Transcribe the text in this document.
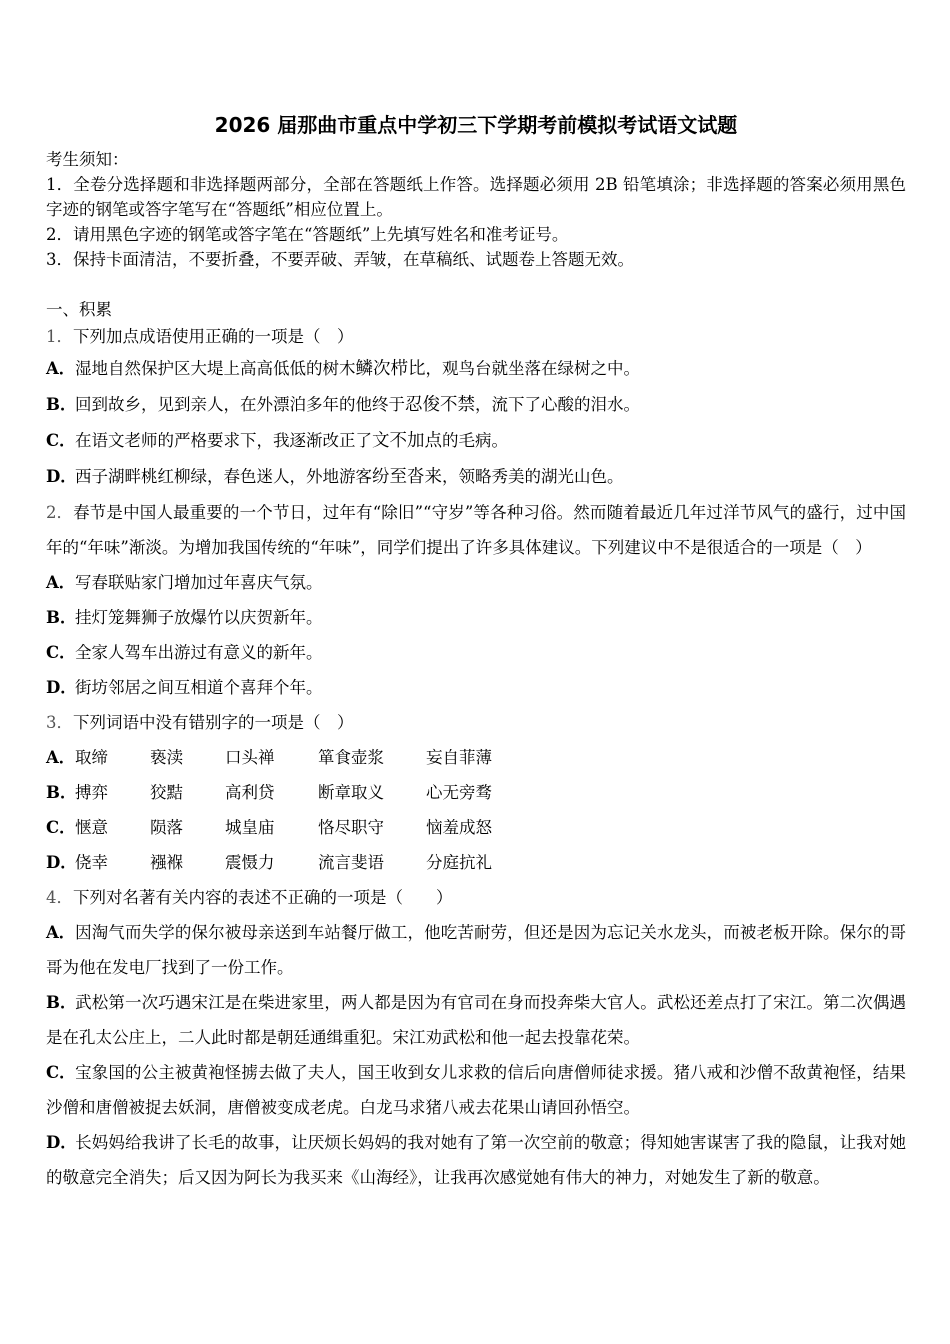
2026 届那曲市重点中学初三下学期考前模拟考试语文试题

考生须知：

1．全卷分选择题和非选择题两部分，全部在答题纸上作答。选择题必须用 2B 铅笔填涂；非选择题的答案必须用黑色字迹的钢笔或答字笔写在“答题纸”相应位置上。

2．请用黑色字迹的钢笔或答字笔在“答题纸”上先填写姓名和准考证号。

3．保持卡面清洁，不要折叠，不要弄破、弄皱，在草稿纸、试题卷上答题无效。

一、积累

1．下列加点成语使用正确的一项是（　）

A．湿地自然保护区大堤上高高低低的树木鳞次栉比，观鸟台就坐落在绿树之中。

B．回到故乡，见到亲人，在外漂泊多年的他终于忍俊不禁，流下了心酸的泪水。

C．在语文老师的严格要求下，我逐渐改正了文不加点的毛病。

D．西子湖畔桃红柳绿，春色迷人，外地游客纷至沓来，领略秀美的湖光山色。

2．春节是中国人最重要的一个节日，过年有“除旧”“守岁”等各种习俗。然而随着最近几年过洋节风气的盛行，过中国年的“年味”渐淡。为增加我国传统的“年味”，同学们提出了许多具体建议。下列建议中不是很适合的一项是（　）

A．写春联贴家门增加过年喜庆气氛。

B．挂灯笼舞狮子放爆竹以庆贺新年。

C．全家人驾车出游过有意义的新年。

D．街坊邻居之间互相道个喜拜个年。

3．下列词语中没有错别字的一项是（　）

A．取缔	亵渎	口头禅	箪食壶浆	妄自菲薄

B．搏弈	狡黠	高利贷	断章取义	心无旁骛

C．惬意	陨落	城皇庙	恪尽职守	恼羞成怒

D．侥幸	襁褓	震慑力	流言斐语	分庭抗礼

4．下列对名著有关内容的表述不正确的一项是（　　）

A．因淘气而失学的保尔被母亲送到车站餐厅做工，他吃苦耐劳，但还是因为忘记关水龙头，而被老板开除。保尔的哥哥为他在发电厂找到了一份工作。

B．武松第一次巧遇宋江是在柴进家里，两人都是因为有官司在身而投奔柴大官人。武松还差点打了宋江。第二次偶遇是在孔太公庄上，二人此时都是朝廷通缉重犯。宋江劝武松和他一起去投靠花荣。

C．宝象国的公主被黄袍怪掳去做了夫人，国王收到女儿求救的信后向唐僧师徒求援。猪八戒和沙僧不敌黄袍怪，结果沙僧和唐僧被捉去妖洞，唐僧被变成老虎。白龙马求猪八戒去花果山请回孙悟空。

D．长妈妈给我讲了长毛的故事，让厌烦长妈妈的我对她有了第一次空前的敬意；得知她害谋害了我的隐鼠，让我对她的敬意完全消失；后又因为阿长为我买来《山海经》，让我再次感觉她有伟大的神力，对她发生了新的敬意。
